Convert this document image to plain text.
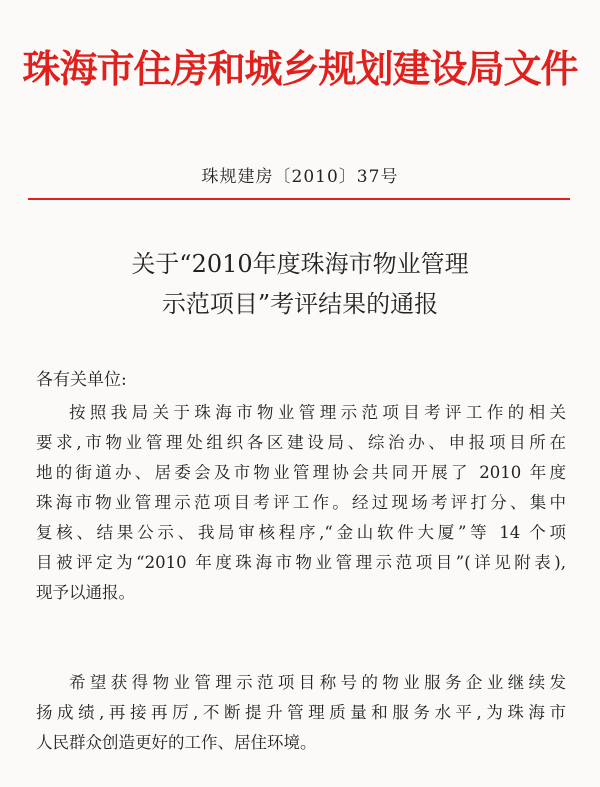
珠海市住房和城乡规划建设局文件
珠规建房〔2010〕37号
关于“2010年度珠海市物业管理
示范项目”考评结果的通报
各有关单位:
按照我局关于珠海市物业管理示范项目考评工作的相关
要求,市物业管理处组织各区建设局、综治办、申报项目所在
地的街道办、居委会及市物业管理协会共同开展了 2010 年度
珠海市物业管理示范项目考评工作。经过现场考评打分、集中
复核、结果公示、我局审核程序,“金山软件大厦”等 14 个项
目被评定为“2010 年度珠海市物业管理示范项目”(详见附表),
现予以通报。
希望获得物业管理示范项目称号的物业服务企业继续发
扬成绩,再接再厉,不断提升管理质量和服务水平,为珠海市
人民群众创造更好的工作、居住环境。
